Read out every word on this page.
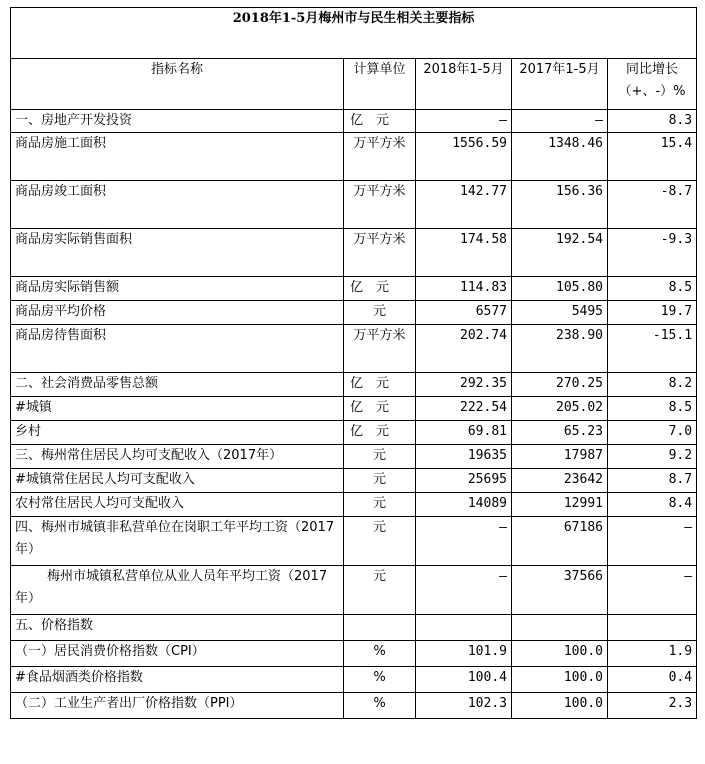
2018年1-5月梅州市与民生相关主要指标				
指标名称	计算单位	2018年1-5月	2017年1-5月	同比增长（+、-）%
一、房地产开发投资	亿　元	—	—	8.3
商品房施工面积	万平方米	1556.59	1348.46	15.4
商品房竣工面积	万平方米	142.77	156.36	-8.7
商品房实际销售面积	万平方米	174.58	192.54	-9.3
商品房实际销售额	亿　元	114.83	105.80	8.5
商品房平均价格	元	6577	5495	19.7
商品房待售面积	万平方米	202.74	238.90	-15.1
二、社会消费品零售总额	亿　元	292.35	270.25	8.2
#城镇	亿　元	222.54	205.02	8.5
乡村	亿　元	69.81	65.23	7.0
三、梅州常住居民人均可支配收入（2017年）	元	19635	17987	9.2
#城镇常住居民人均可支配收入	元	25695	23642	8.7
农村常住居民人均可支配收入	元	14089	12991	8.4
四、梅州市城镇非私营单位在岗职工年平均工资（2017年）	元	—	67186	—
梅州市城镇私营单位从业人员年平均工资（2017年）	元	—	37566	—
五、价格指数				
（一）居民消费价格指数（CPI）	%	101.9	100.0	1.9
#食品烟酒类价格指数	%	100.4	100.0	0.4
（二）工业生产者出厂价格指数（PPI）	%	102.3	100.0	2.3
